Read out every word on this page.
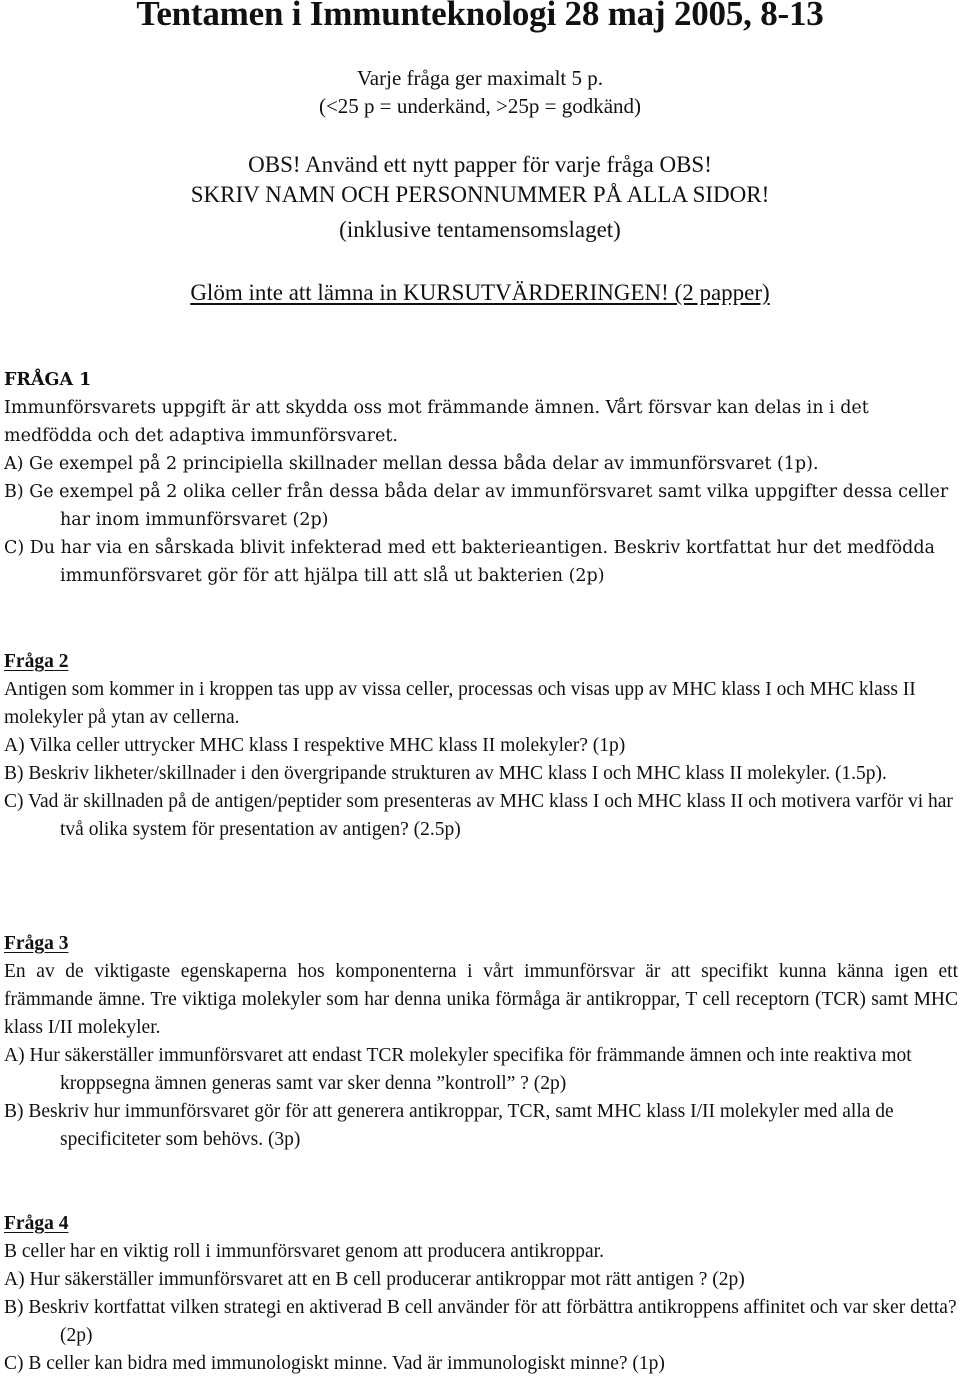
Tentamen i Immunteknologi 28 maj 2005, 8-13
Varje fråga ger maximalt 5 p.
(<25 p = underkänd, >25p = godkänd)
OBS! Använd ett nytt papper för varje fråga OBS!
SKRIV NAMN OCH PERSONNUMMER PÅ ALLA SIDOR!
(inklusive tentamensomslaget)
Glöm inte att lämna in KURSUTVÄRDERINGEN! (2 papper)

FRÅGA 1

Immunförsvarets uppgift är att skydda oss mot främmande ämnen. Vårt försvar kan delas in i det medfödda och det adaptiva immunförsvaret.

A) Ge exempel på 2 principiella skillnader mellan dessa båda delar av immunförsvaret (1p).

B) Ge exempel på 2 olika celler från dessa båda delar av immunförsvaret samt vilka uppgifter dessa celler har inom immunförsvaret (2p)

C) Du har via en sårskada blivit infekterad med ett bakterieantigen. Beskriv kortfattat hur det medfödda immunförsvaret gör för att hjälpa till att slå ut bakterien (2p)

Fråga 2

Antigen som kommer in i kroppen tas upp av vissa celler, processas och visas upp av MHC klass I och MHC klass II molekyler på ytan av cellerna.

A) Vilka celler uttrycker MHC klass I respektive MHC klass II molekyler? (1p)

B) Beskriv likheter/skillnader i den övergripande strukturen av MHC klass I och MHC klass II molekyler. (1.5p).

C) Vad är skillnaden på de antigen/peptider som presenteras av MHC klass I och MHC klass II och motivera varför vi har två olika system för presentation av antigen? (2.5p)

Fråga 3

En av de viktigaste egenskaperna hos komponenterna i vårt immunförsvar är att specifikt kunna känna igen ett främmande ämne. Tre viktiga molekyler som har denna unika förmåga är antikroppar, T cell receptorn (TCR) samt MHC klass I/II molekyler.

A) Hur säkerställer immunförsvaret att endast TCR molekyler specifika för främmande ämnen och inte reaktiva mot kroppsegna ämnen generas samt var sker denna ”kontroll” ? (2p)

B) Beskriv hur immunförsvaret gör för att generera antikroppar, TCR, samt MHC klass I/II molekyler med alla de specificiteter som behövs. (3p)

Fråga 4

B celler har en viktig roll i immunförsvaret genom att producera antikroppar.

A) Hur säkerställer immunförsvaret att en B cell producerar antikroppar mot rätt antigen ? (2p)

B) Beskriv kortfattat vilken strategi en aktiverad B cell använder för att förbättra antikroppens affinitet och var sker detta? (2p)

C) B celler kan bidra med immunologiskt minne. Vad är immunologiskt minne? (1p)
